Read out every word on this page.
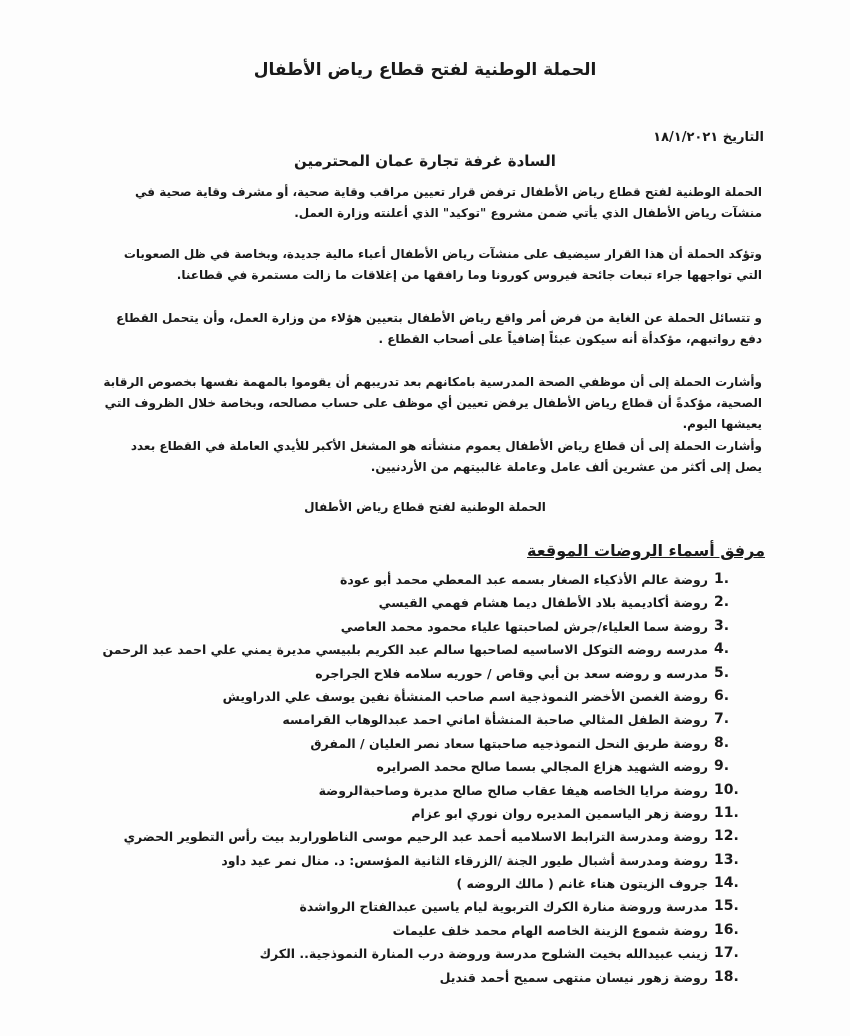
الحملة الوطنية لفتح قطاع رياض الأطفال
التاريخ ١٨/١/٢٠٢١
السادة غرفة تجارة عمان المحترمين

الحملة الوطنية لفتح قطاع رياض الأطفال ترفض قرار تعيين مراقب وقاية صحية، أو مشرف وقاية صحية في منشآت رياض الأطفال الذي يأتي ضمن مشروع "توكيد" الذي أعلنته وزارة العمل.

وتؤكد الحملة أن هذا القرار سيضيف على منشآت رياض الأطفال أعباء مالية جديدة، وبخاصة في ظل الصعوبات التي تواجهها جراء تبعات جائحة فيروس كورونا وما رافقها من إغلاقات ما زالت مستمرة في قطاعنا.

و تتسائل الحملة عن الغاية من فرض أمر واقع رياض الأطفال بتعيين هؤلاء من وزارة العمل، وأن يتحمل القطاع دفع رواتبهم، مؤكدأة أنه سيكون عبئاً إضافياً على أصحاب القطاع .

وأشارت الحملة إلى أن موظفي الصحة المدرسية بامكانهم بعد تدريبهم أن يقوموا بالمهمة نفسها بخصوص الرقابة الصحية، مؤكدةً أن قطاع رياض الأطفال يرفض تعيين أي موظف على حساب مصالحه، وبخاصة خلال الظروف التي يعيشها اليوم.

وأشارت الحملة إلى أن قطاع رياض الأطفال يعموم منشأته هو المشغل الأكبر للأيدي العاملة في القطاع بعدد يصل إلى أكثر من عشرين ألف عامل وعاملة غالبيتهم من الأردنيين.

الحملة الوطنية لفتح قطاع رياض الأطفال
مرفق أسماء الروضات الموقعة
1.
روضة عالم الأذكياء الصغار بسمه عبد المعطي محمد أبو عودة
2.
روضة أكاديمية بلاد الأطفال ديما هشام فهمي القيسي
3.
روضة سما العلياء/جرش لصاحبتها علياء محمود محمد العاصي
4.
مدرسه روضه التوكل الاساسيه لصاحبها سالم عبد الكريم بلبيسي مديرة يمني علي احمد عبد الرحمن
5.
مدرسه و روضه سعد بن أبي وقاص / حوريه سلامه فلاح الجراجره
6.
روضة الغصن الأخضر النموذجية اسم صاحب المنشأة نفين يوسف علي الدراويش
7.
روضة الطفل المثالي صاحبة المنشأة اماني احمد عبدالوهاب القرامسه
8.
روضة طريق النحل النموذجيه صاحبتها سعاد نصر العليان / المفرق
9.
روضه الشهيد هزاع المجالي بسما صالح محمد الصرايره
10.
روضة مرايا الخاصه هيفا عقاب صالح صالح مديرة وصاحبةالروضة
11.
روضة زهر الياسمين المديره روان نوري ابو عزام
12.
روضة ومدرسة الترابط الاسلاميه أحمد عبد الرحيم موسى الناطوراربد بيت رأس التطوير الحضري
13.
روضة ومدرسة أشبال طيور الجنة /الزرقاء الثانية المؤسس: د. منال نمر عيد داود
14.
جروف الزيتون هناء غانم ( مالك الروضه )
15.
مدرسة وروضة منارة الكرك التربوية ليام ياسين عبدالفتاح الرواشدة
16.
روضة شموع الزينة الخاصه الهام محمد خلف عليمات
17.
زينب عبيدالله بخيت الشلوح مدرسة وروضة درب المنارة النموذجية.. الكرك
18.
روضة زهور نيسان منتهى سميح أحمد قنديل
